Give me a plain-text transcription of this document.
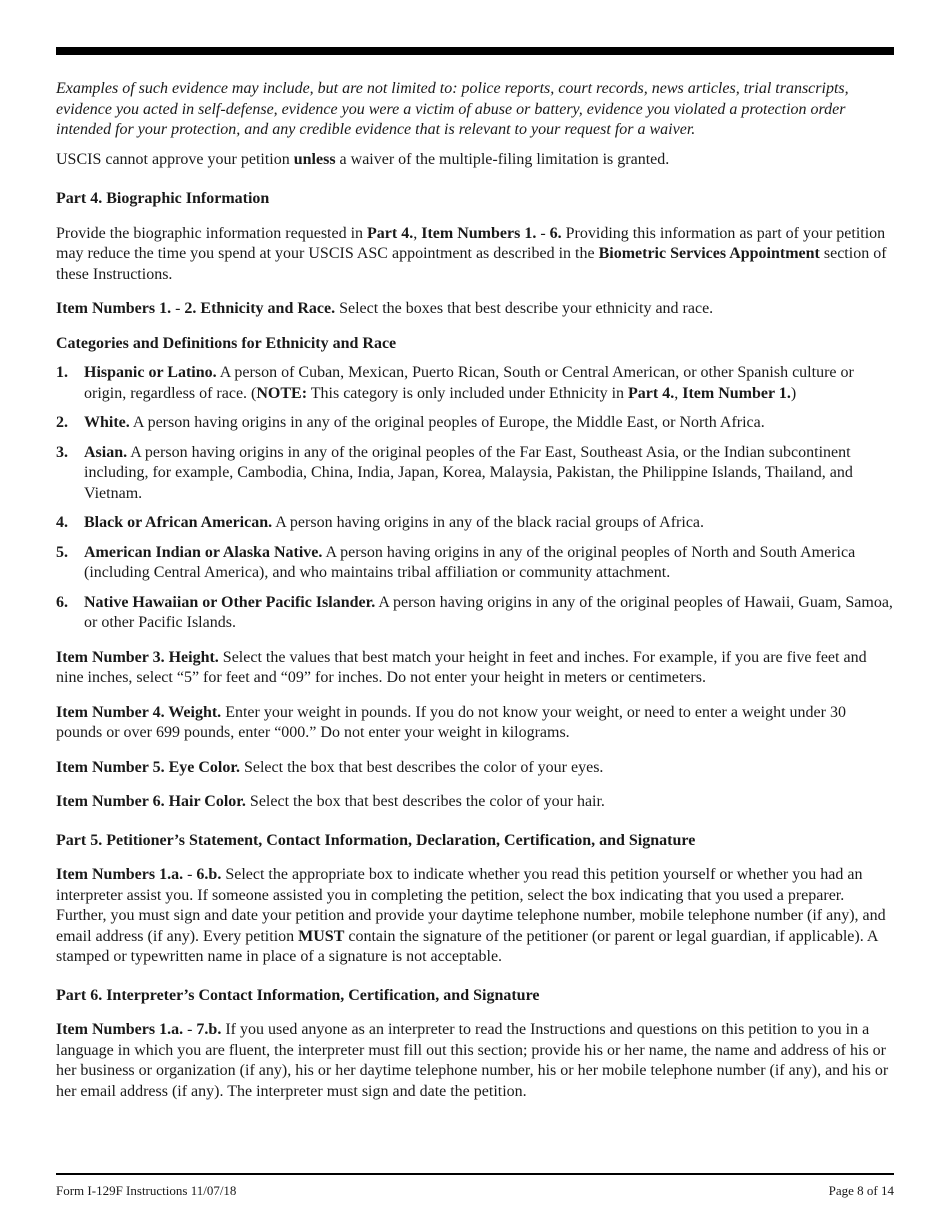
Examples of such evidence may include, but are not limited to: police reports, court records, news articles, trial transcripts, evidence you acted in self-defense, evidence you were a victim of abuse or battery, evidence you violated a protection order intended for your protection, and any credible evidence that is relevant to your request for a waiver.

USCIS cannot approve your petition unless a waiver of the multiple-filing limitation is granted.

Part 4. Biographic Information

Provide the biographic information requested in Part 4., Item Numbers 1. - 6. Providing this information as part of your petition may reduce the time you spend at your USCIS ASC appointment as described in the Biometric Services Appointment section of these Instructions.

Item Numbers 1. - 2. Ethnicity and Race. Select the boxes that best describe your ethnicity and race.

Categories and Definitions for Ethnicity and Race

1. Hispanic or Latino. A person of Cuban, Mexican, Puerto Rican, South or Central American, or other Spanish culture or origin, regardless of race. (NOTE: This category is only included under Ethnicity in Part 4., Item Number 1.)
2. White. A person having origins in any of the original peoples of Europe, the Middle East, or North Africa.
3. Asian. A person having origins in any of the original peoples of the Far East, Southeast Asia, or the Indian subcontinent including, for example, Cambodia, China, India, Japan, Korea, Malaysia, Pakistan, the Philippine Islands, Thailand, and Vietnam.
4. Black or African American. A person having origins in any of the black racial groups of Africa.
5. American Indian or Alaska Native. A person having origins in any of the original peoples of North and South America (including Central America), and who maintains tribal affiliation or community attachment.
6. Native Hawaiian or Other Pacific Islander. A person having origins in any of the original peoples of Hawaii, Guam, Samoa, or other Pacific Islands.

Item Number 3. Height. Select the values that best match your height in feet and inches. For example, if you are five feet and nine inches, select “5” for feet and “09” for inches. Do not enter your height in meters or centimeters.

Item Number 4. Weight. Enter your weight in pounds. If you do not know your weight, or need to enter a weight under 30 pounds or over 699 pounds, enter “000.” Do not enter your weight in kilograms.

Item Number 5. Eye Color. Select the box that best describes the color of your eyes.

Item Number 6. Hair Color. Select the box that best describes the color of your hair.

Part 5. Petitioner’s Statement, Contact Information, Declaration, Certification, and Signature

Item Numbers 1.a. - 6.b. Select the appropriate box to indicate whether you read this petition yourself or whether you had an interpreter assist you. If someone assisted you in completing the petition, select the box indicating that you used a preparer. Further, you must sign and date your petition and provide your daytime telephone number, mobile telephone number (if any), and email address (if any). Every petition MUST contain the signature of the petitioner (or parent or legal guardian, if applicable). A stamped or typewritten name in place of a signature is not acceptable.

Part 6. Interpreter’s Contact Information, Certification, and Signature

Item Numbers 1.a. - 7.b. If you used anyone as an interpreter to read the Instructions and questions on this petition to you in a language in which you are fluent, the interpreter must fill out this section; provide his or her name, the name and address of his or her business or organization (if any), his or her daytime telephone number, his or her mobile telephone number (if any), and his or her email address (if any). The interpreter must sign and date the petition.

Form I-129F Instructions 11/07/18	Page 8 of 14
